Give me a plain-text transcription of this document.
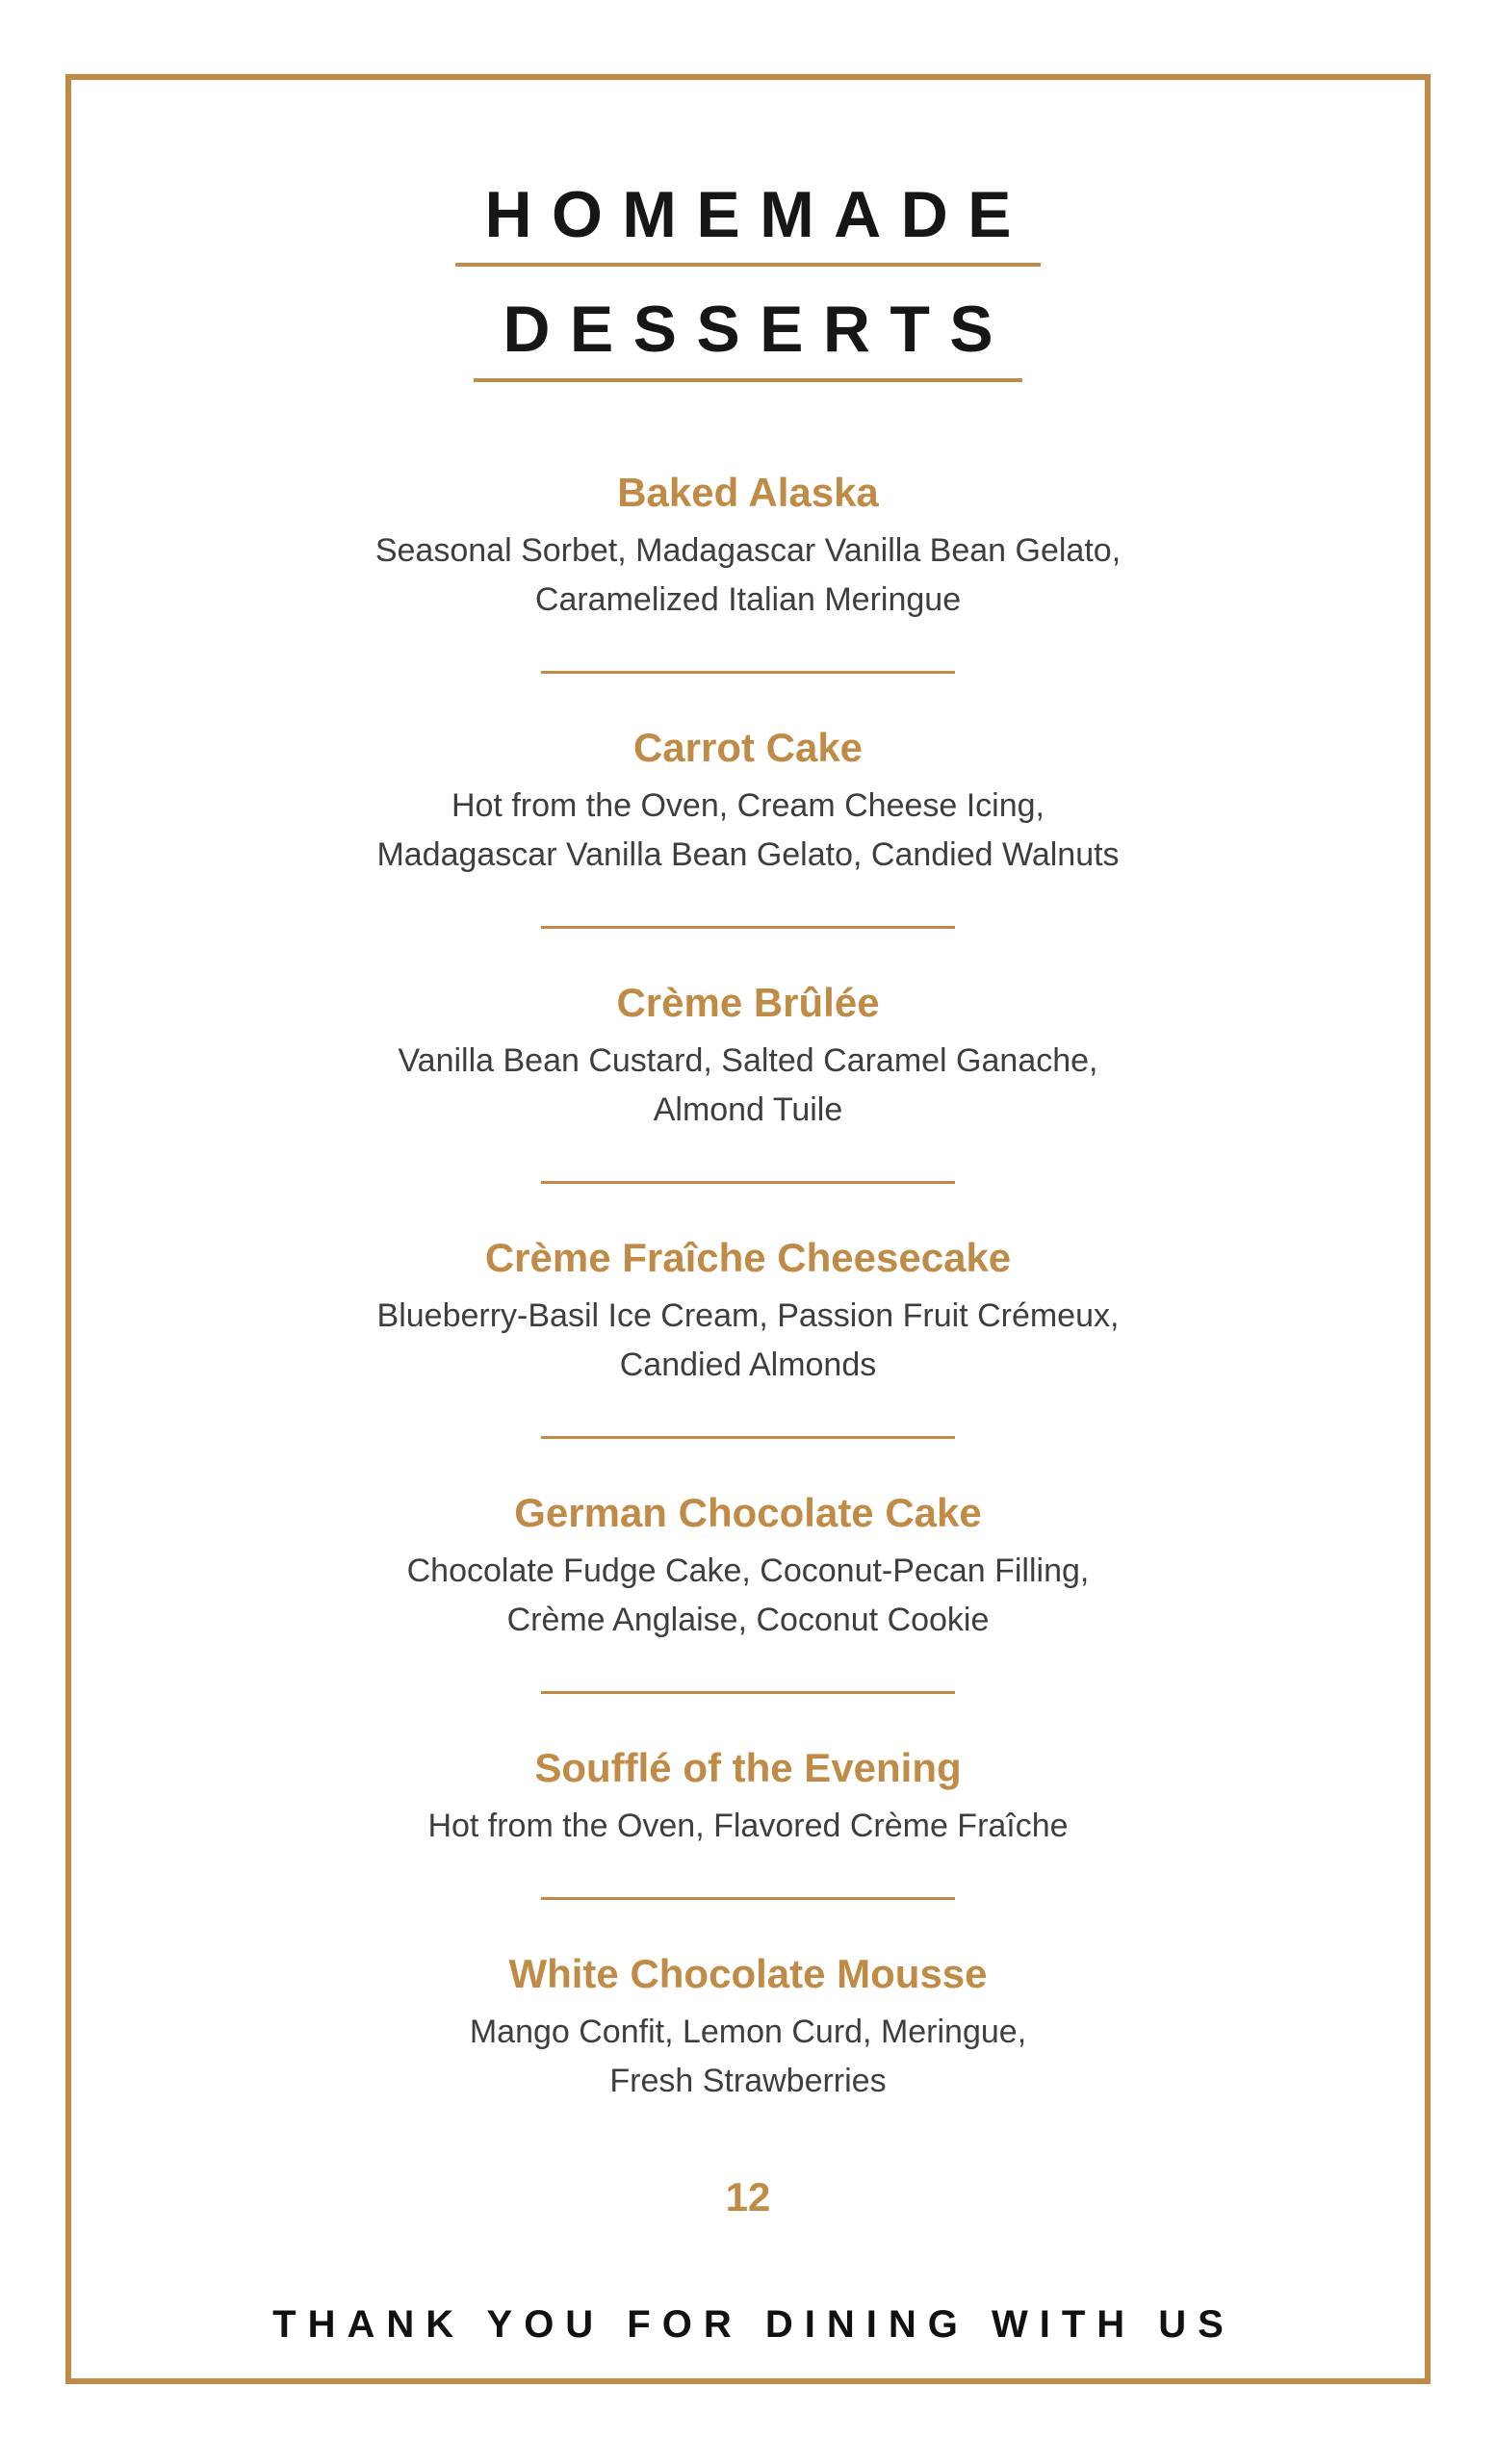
HOMEMADE
DESSERTS
Baked Alaska

Seasonal Sorbet, Madagascar Vanilla Bean Gelato,

Caramelized Italian Meringue

Carrot Cake

Hot from the Oven, Cream Cheese Icing,

Madagascar Vanilla Bean Gelato, Candied Walnuts

Crème Brûlée

Vanilla Bean Custard, Salted Caramel Ganache,

Almond Tuile

Crème Fraîche Cheesecake

Blueberry-Basil Ice Cream, Passion Fruit Crémeux,

Candied Almonds

German Chocolate Cake

Chocolate Fudge Cake, Coconut-Pecan Filling,

Crème Anglaise, Coconut Cookie

Soufflé of the Evening

Hot from the Oven, Flavored Crème Fraîche

White Chocolate Mousse

Mango Confit, Lemon Curd, Meringue,

Fresh Strawberries

12
THANK YOU FOR DINING WITH US
